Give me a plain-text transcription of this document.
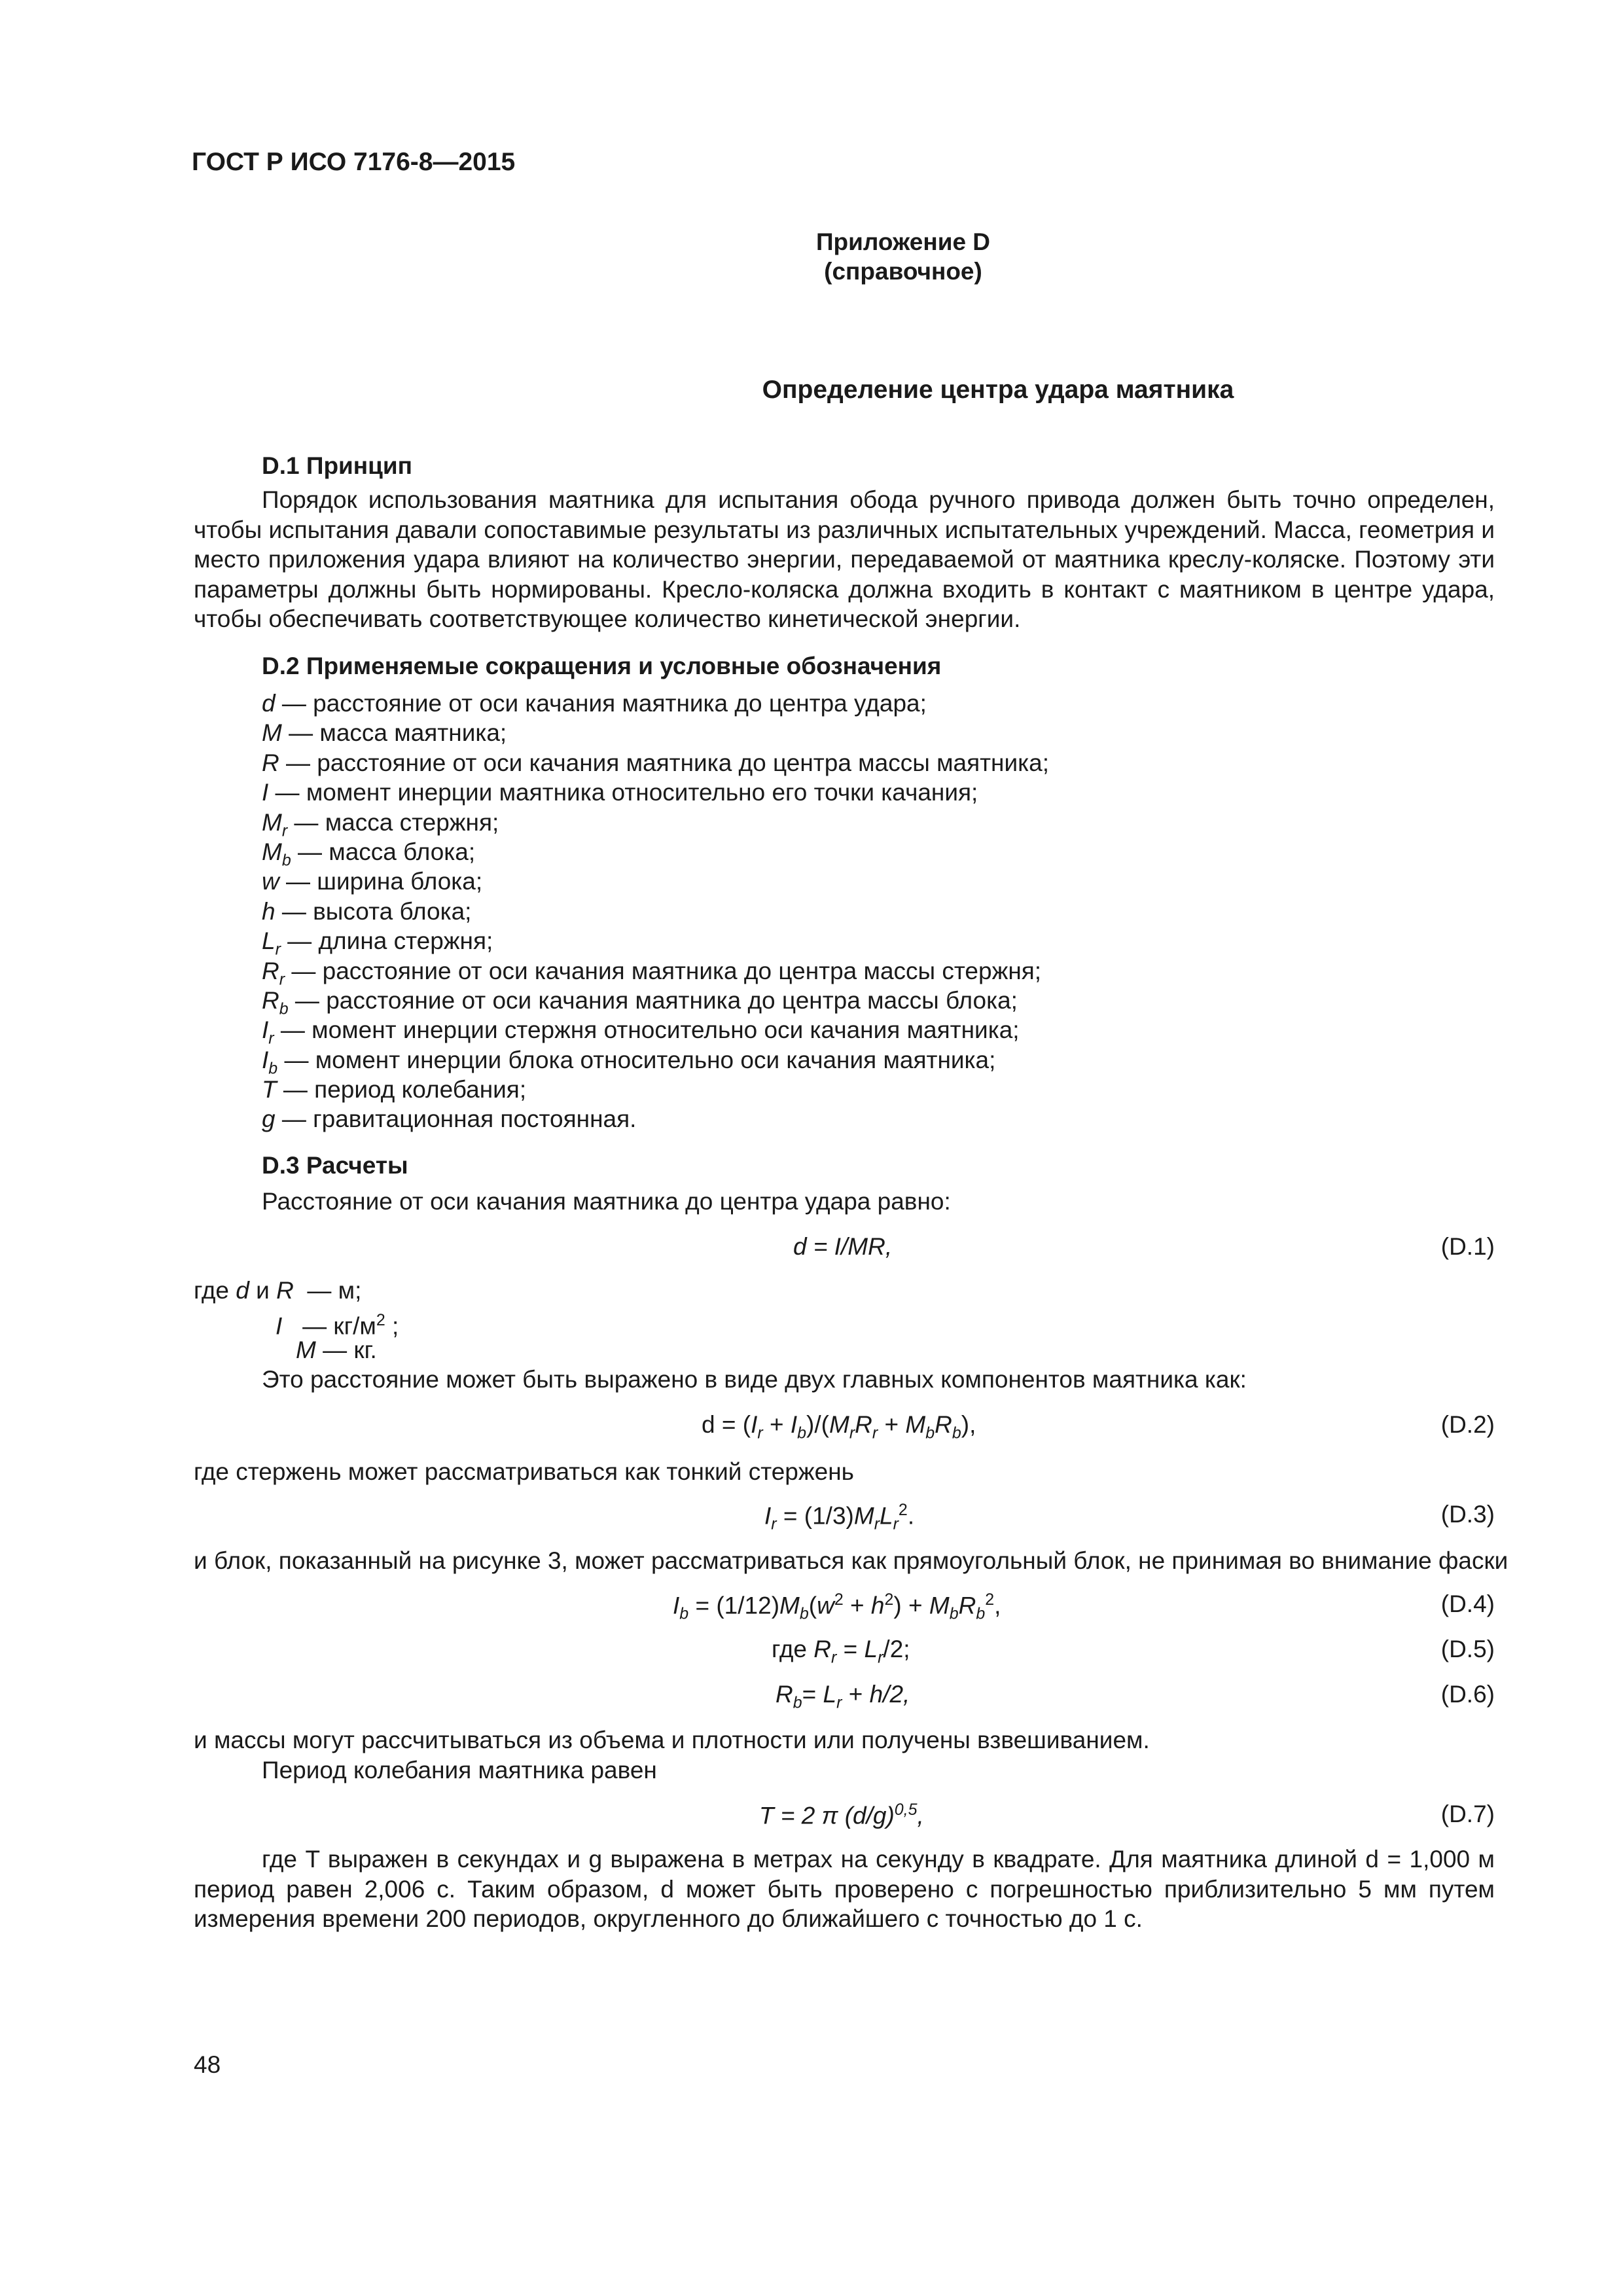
ГОСТ Р ИСО 7176-8—2015
Приложение D
(справочное)
Определение центра удара маятника
D.1 Принцип

Порядок использования маятника для испытания обода ручного привода должен быть точно определен, чтобы испытания давали сопоставимые результаты из различных испытательных учреждений. Масса, геометрия и место приложения удара влияют на количество энергии, передаваемой от маятника креслу-коляске. Поэтому эти параметры должны быть нормированы. Кресло-коляска должна входить в контакт с маятником в центре удара, чтобы обеспечивать соответствующее количество кинетической энергии.

D.2 Применяемые сокращения и условные обозначения
d — расстояние от оси качания маятника до центра удара;
M — масса маятника;
R — расстояние от оси качания маятника до центра массы маятника;
I — момент инерции маятника относительно его точки качания;
$M_r$ — масса стержня;
$M_b$ — масса блока;
w — ширина блока;
h — высота блока;
$L_r$ — длина стержня;
$R_r$ — расстояние от оси качания маятника до центра массы стержня;
$R_b$ — расстояние от оси качания маятника до центра массы блока;
$I_r$ — момент инерции стержня относительно оси качания маятника;
$I_b$ — момент инерции блока относительно оси качания маятника;
T — период колебания;
g — гравитационная постоянная.
D.3 Расчеты
Расстояние от оси качания маятника до центра удара равно:
d = I/MR,	(D.1)
где d и R — м;
I — $кг/м^2$ ;
M — кг.
Это расстояние может быть выражено в виде двух главных компонентов маятника как:
$d = (I_r + I_b)/(M_rR_r + M_bR_b)$,	(D.2)
где стержень может рассматриваться как тонкий стержень
$I_r = (1/3)M_rL_r^2$.	(D.3)
и блок, показанный на рисунке 3, может рассматриваться как прямоугольный блок, не принимая во внимание фаски
$I_b = (1/12)M_b(w^2 + h^2) + M_bR_b^2$,	(D.4)
где $R_r = L_r/2$;	(D.5)
$R_b= L_r + h/2$,	(D.6)
и массы могут рассчитываться из объема и плотности или получены взвешиванием.
Период колебания маятника равен
T = 2 π $(d/g)^{0,5}$,	(D.7)

где T выражен в секундах и g выражена в метрах на секунду в квадрате. Для маятника длиной d = 1,000 м период равен 2,006 с. Таким образом, d может быть проверено с погрешностью приблизительно 5 мм путем измерения времени 200 периодов, округленного до ближайшего с точностью до 1 с.

48
